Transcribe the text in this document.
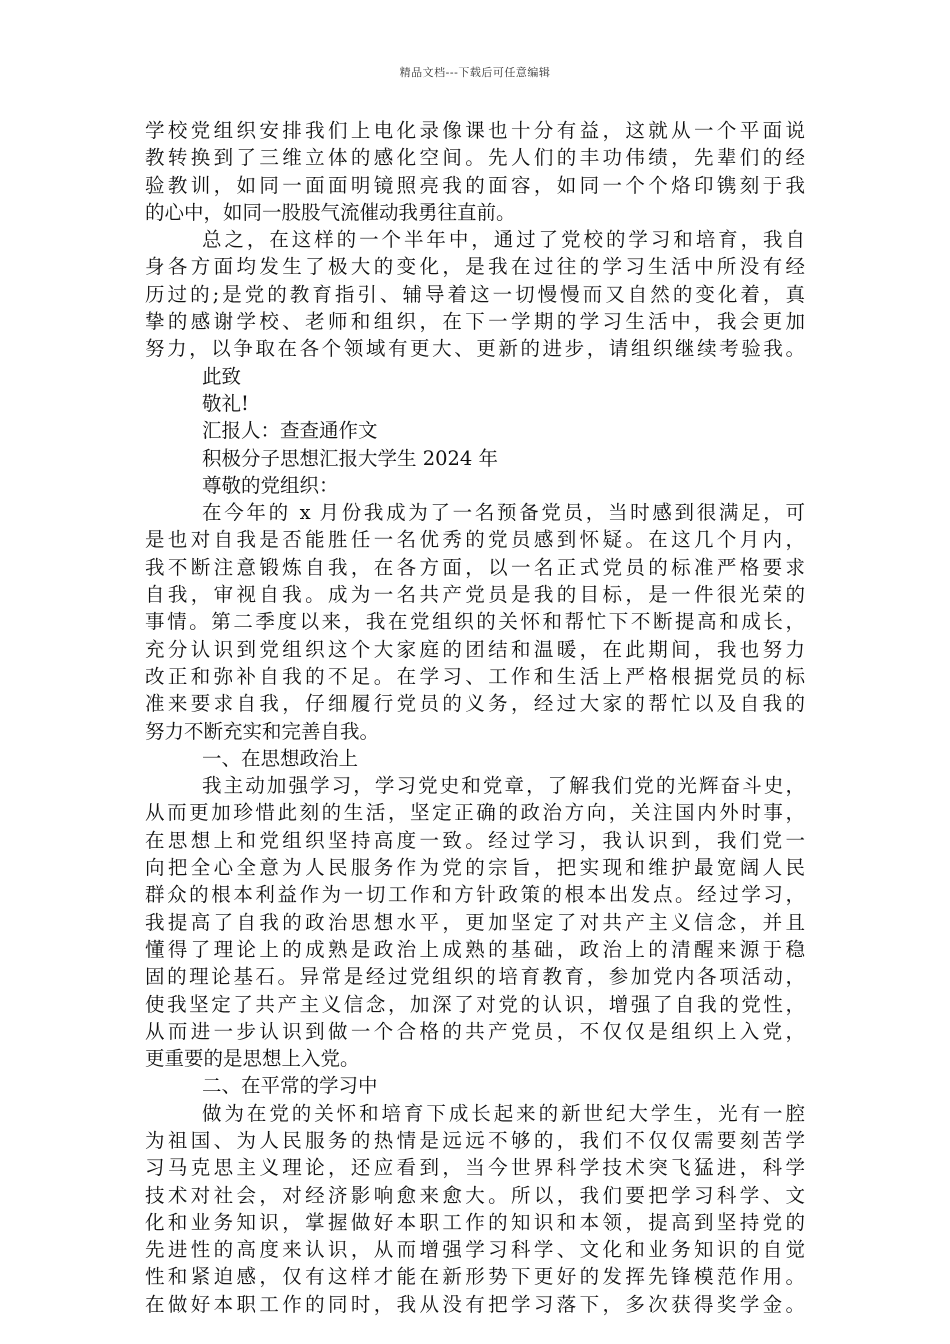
精品文档---下载后可任意编辑
学校党组织安排我们上电化录像课也十分有益，这就从一个平面说
教转换到了三维立体的感化空间。先人们的丰功伟绩，先辈们的经
验教训，如同一面面明镜照亮我的面容，如同一个个烙印镌刻于我
的心中，如同一股股气流催动我勇往直前。
总之，在这样的一个半年中，通过了党校的学习和培育，我自
身各方面均发生了极大的变化，是我在过往的学习生活中所没有经
历过的;是党的教育指引、辅导着这一切慢慢而又自然的变化着，真
挚的感谢学校、老师和组织，在下一学期的学习生活中，我会更加
努力，以争取在各个领域有更大、更新的进步，请组织继续考验我。
此致
敬礼!
汇报人：查查通作文
积极分子思想汇报大学生 2024 年
尊敬的党组织：
在今年的 x 月份我成为了一名预备党员，当时感到很满足，可
是也对自我是否能胜任一名优秀的党员感到怀疑。在这几个月内，
我不断注意锻炼自我，在各方面，以一名正式党员的标准严格要求
自我，审视自我。成为一名共产党员是我的目标，是一件很光荣的
事情。第二季度以来，我在党组织的关怀和帮忙下不断提高和成长，
充分认识到党组织这个大家庭的团结和温暖，在此期间，我也努力
改正和弥补自我的不足。在学习、工作和生活上严格根据党员的标
准来要求自我，仔细履行党员的义务，经过大家的帮忙以及自我的
努力不断充实和完善自我。
一、在思想政治上
我主动加强学习，学习党史和党章，了解我们党的光辉奋斗史，
从而更加珍惜此刻的生活，坚定正确的政治方向，关注国内外时事，
在思想上和党组织坚持高度一致。经过学习，我认识到，我们党一
向把全心全意为人民服务作为党的宗旨，把实现和维护最宽阔人民
群众的根本利益作为一切工作和方针政策的根本出发点。经过学习，
我提高了自我的政治思想水平，更加坚定了对共产主义信念，并且
懂得了理论上的成熟是政治上成熟的基础，政治上的清醒来源于稳
固的理论基石。异常是经过党组织的培育教育，参加党内各项活动，
使我坚定了共产主义信念，加深了对党的认识，增强了自我的党性，
从而进一步认识到做一个合格的共产党员，不仅仅是组织上入党，
更重要的是思想上入党。
二、在平常的学习中
做为在党的关怀和培育下成长起来的新世纪大学生，光有一腔
为祖国、为人民服务的热情是远远不够的，我们不仅仅需要刻苦学
习马克思主义理论，还应看到，当今世界科学技术突飞猛进，科学
技术对社会，对经济影响愈来愈大。所以，我们要把学习科学、文
化和业务知识，掌握做好本职工作的知识和本领，提高到坚持党的
先进性的高度来认识，从而增强学习科学、文化和业务知识的自觉
性和紧迫感，仅有这样才能在新形势下更好的发挥先锋模范作用。
在做好本职工作的同时，我从没有把学习落下，多次获得奖学金。
